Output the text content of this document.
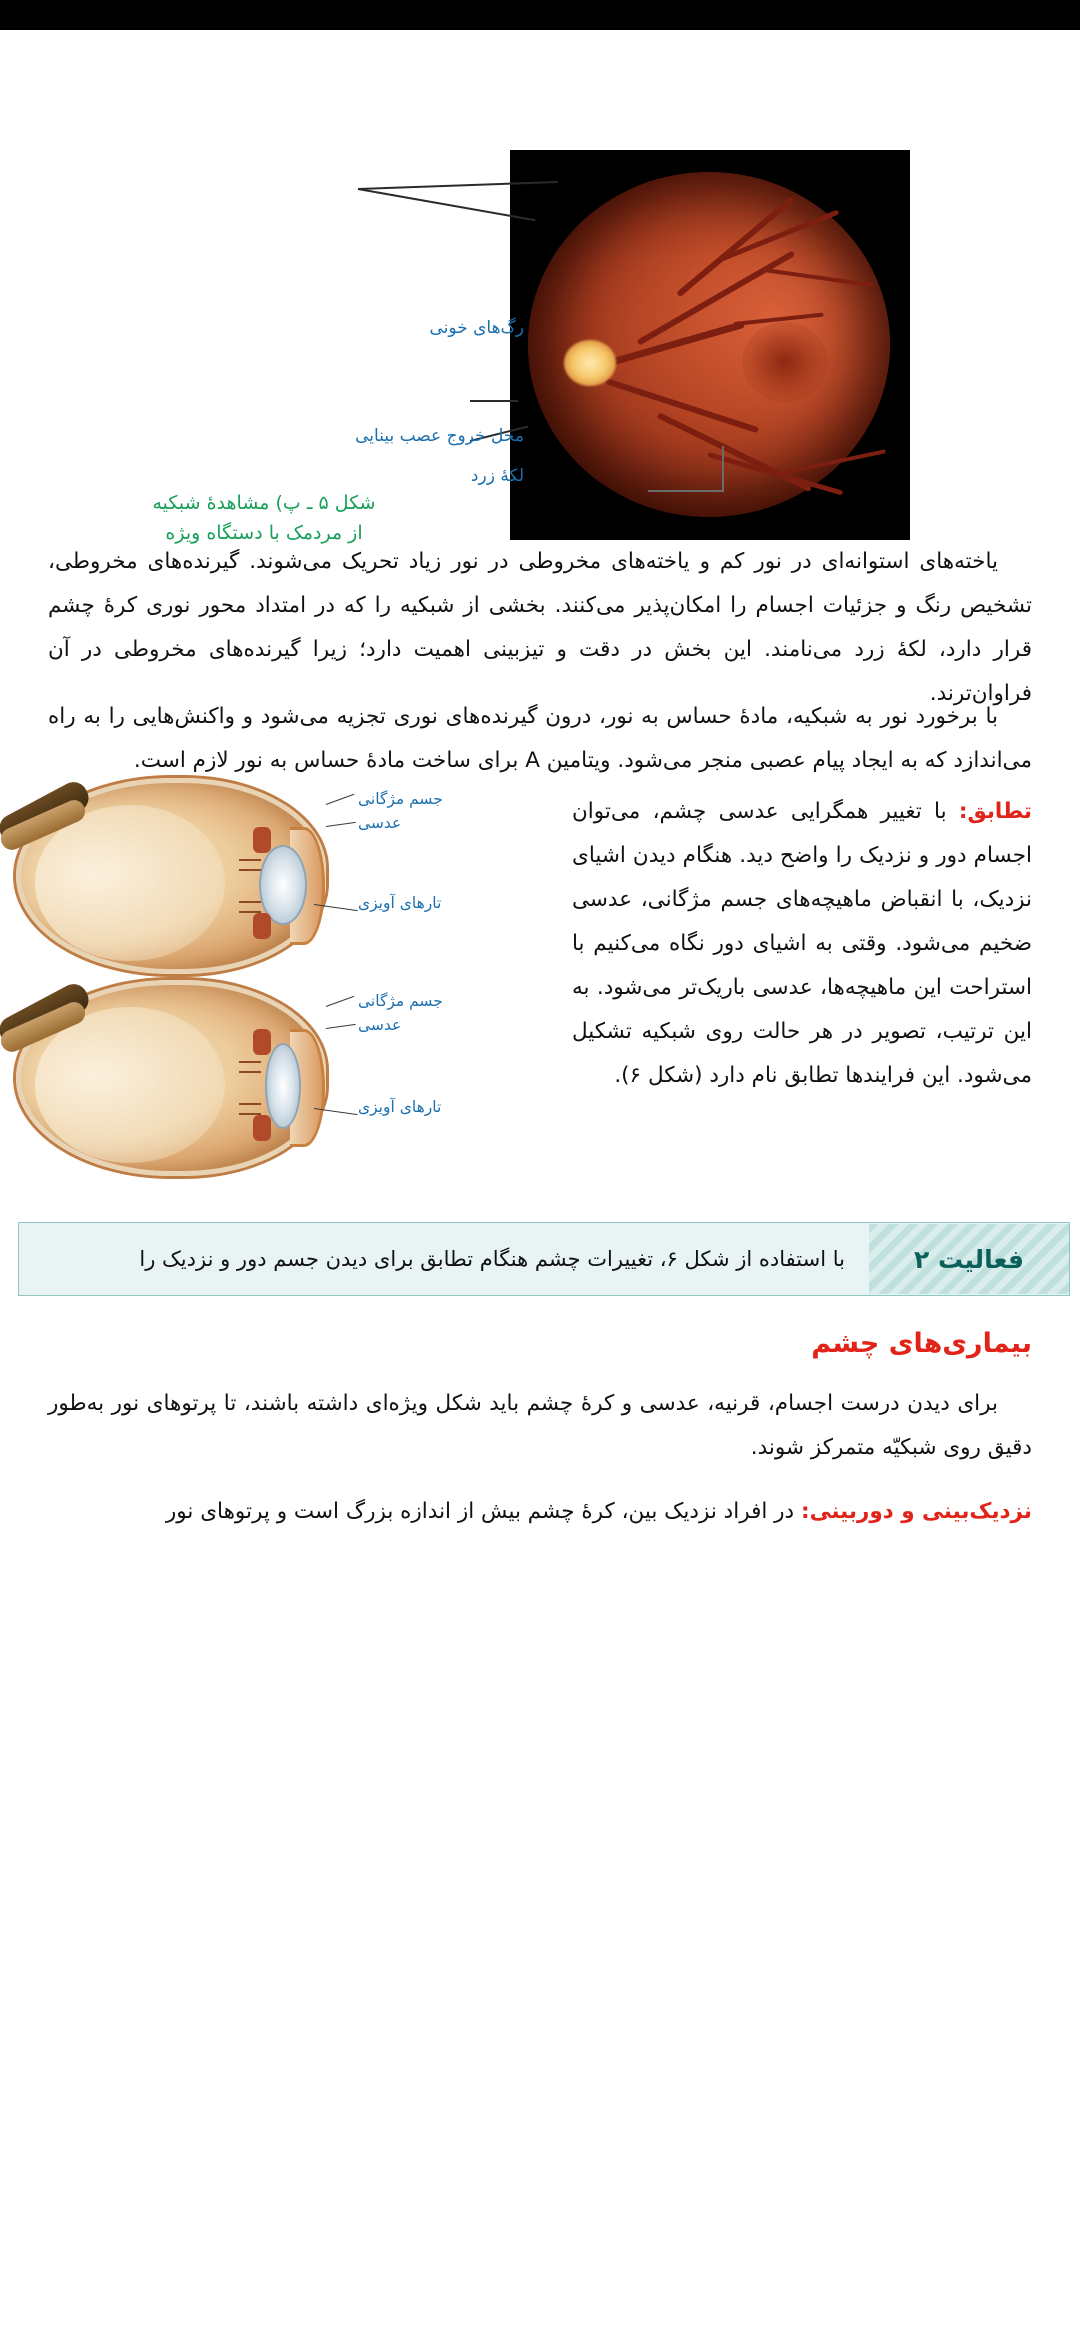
رگ‌های خونی
محل خروج عصب بینایی
لکهٔ زرد
شکل ۵ ـ پ) مشاهدهٔ شبکیه از مردمک با دستگاه ویژه
یاخته‌های استوانه‌ای در نور کم و یاخته‌های مخروطی در نور زیاد تحریک می‌شوند. گیرنده‌های مخروطی، تشخیص رنگ و جزئیات اجسام را امکان‌پذیر می‌کنند. بخشی از شبکیه را که در امتداد محور نوری کرهٔ چشم قرار دارد، لکهٔ زرد می‌نامند. این بخش در دقت و تیزبینی اهمیت دارد؛ زیرا گیرنده‌های مخروطی در آن فراوان‌ترند.
با برخورد نور به شبکیه، مادهٔ حساس به نور، درون گیرنده‌های نوری تجزیه می‌شود و واکنش‌هایی را به راه می‌اندازد که به ایجاد پیام عصبی منجر می‌شود. ویتامین A برای ساخت مادهٔ حساس به نور لازم است.
جسم مژگانی
عدسی
تارهای آویزی
جسم مژگانی
عدسی
تارهای آویزی
تطابق: با تغییر همگرایی عدسی چشم، می‌توان اجسام دور و نزدیک را واضح دید. هنگام دیدن اشیای نزدیک، با انقباض ماهیچه‌های جسم مژگانی، عدسی ضخیم می‌شود. وقتی به اشیای دور نگاه می‌کنیم با استراحت این ماهیچه‌ها، عدسی باریک‌تر می‌شود. به این ترتیب، تصویر در هر حالت روی شبکیه تشکیل می‌شود. این فرایندها تطابق نام دارد (شکل ۶).
فعالیت ۲
با استفاده از شکل ۶، تغییرات چشم هنگام تطابق برای دیدن جسم دور و نزدیک را
بیماری‌های چشم
برای دیدن درست اجسام، قرنیه، عدسی و کرهٔ چشم باید شکل ویژه‌ای داشته باشند، تا پرتوهای نور به‌طور دقیق روی شبکیّه متمرکز شوند.
نزدیک‌بینی و دوربینی: در افراد نزدیک بین، کرهٔ چشم بیش از اندازه بزرگ است و پرتوهای نور
